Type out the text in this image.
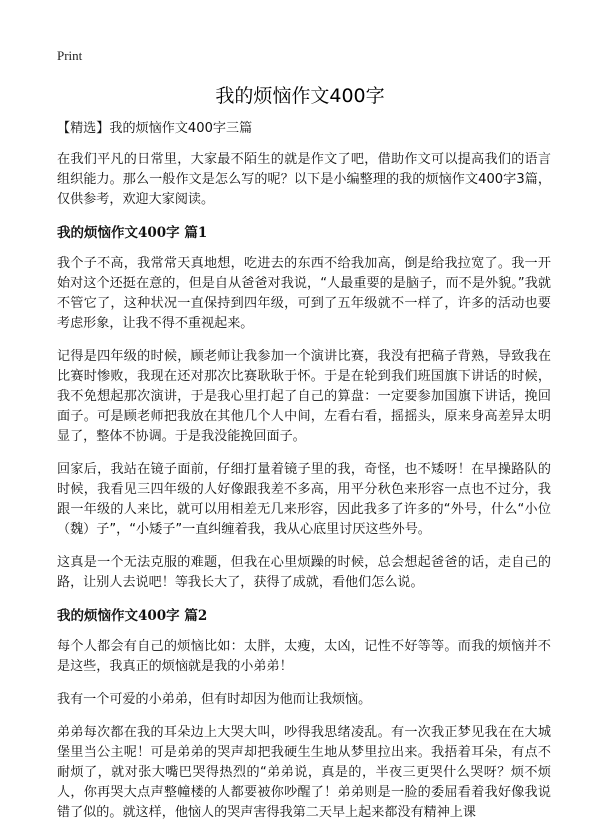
Print
我的烦恼作文400字

【精选】我的烦恼作文400字三篇

在我们平凡的日常里，大家最不陌生的就是作文了吧，借助作文可以提高我们的语言组织能力。那么一般作文是怎么写的呢？以下是小编整理的我的烦恼作文400字3篇，仅供参考，欢迎大家阅读。

我的烦恼作文400字 篇1

我个子不高，我常常天真地想，吃进去的东西不给我加高，倒是给我拉宽了。我一开始对这个还挺在意的，但是自从爸爸对我说，“人最重要的是脑子，而不是外貌。”我就不管它了，这种状况一直保持到四年级，可到了五年级就不一样了，许多的活动也要考虑形象，让我不得不重视起来。

记得是四年级的时候，顾老师让我参加一个演讲比赛，我没有把稿子背熟，导致我在比赛时惨败，我现在还对那次比赛耿耿于怀。于是在轮到我们班国旗下讲话的时候，我不免想起那次演讲，于是我心里打起了自己的算盘：一定要参加国旗下讲话，挽回面子。可是顾老师把我放在其他几个人中间，左看右看，摇摇头，原来身高差异太明显了，整体不协调。于是我没能挽回面子。

回家后，我站在镜子面前，仔细打量着镜子里的我，奇怪，也不矮呀！在早操路队的时候，我看见三四年级的人好像跟我差不多高，用平分秋色来形容一点也不过分，我跟一年级的人来比，就可以用相差无几来形容，因此我多了许多的“外号，什么“小位（魏）子”，“小矮子”一直纠缠着我，我从心底里讨厌这些外号。

这真是一个无法克服的难题，但我在心里烦躁的时候，总会想起爸爸的话，走自己的路，让别人去说吧！等我长大了，获得了成就，看他们怎么说。

我的烦恼作文400字 篇2

每个人都会有自己的烦恼比如：太胖，太瘦，太凶，记性不好等等。而我的烦恼并不是这些，我真正的烦恼就是我的小弟弟！

我有一个可爱的小弟弟，但有时却因为他而让我烦恼。

弟弟每次都在我的耳朵边上大哭大叫，吵得我思绪凌乱。有一次我正梦见我在在大城堡里当公主呢！可是弟弟的哭声却把我硬生生地从梦里拉出来。我捂着耳朵，有点不耐烦了，就对张大嘴巴哭得热烈的“弟弟说，真是的，半夜三更哭什么哭呀？烦不烦人，你再哭大点声整幢楼的人都要被你吵醒了！弟弟则是一脸的委屈看着我好像我说错了似的。就这样，他恼人的哭声害得我第二天早上起来都没有精神上课
